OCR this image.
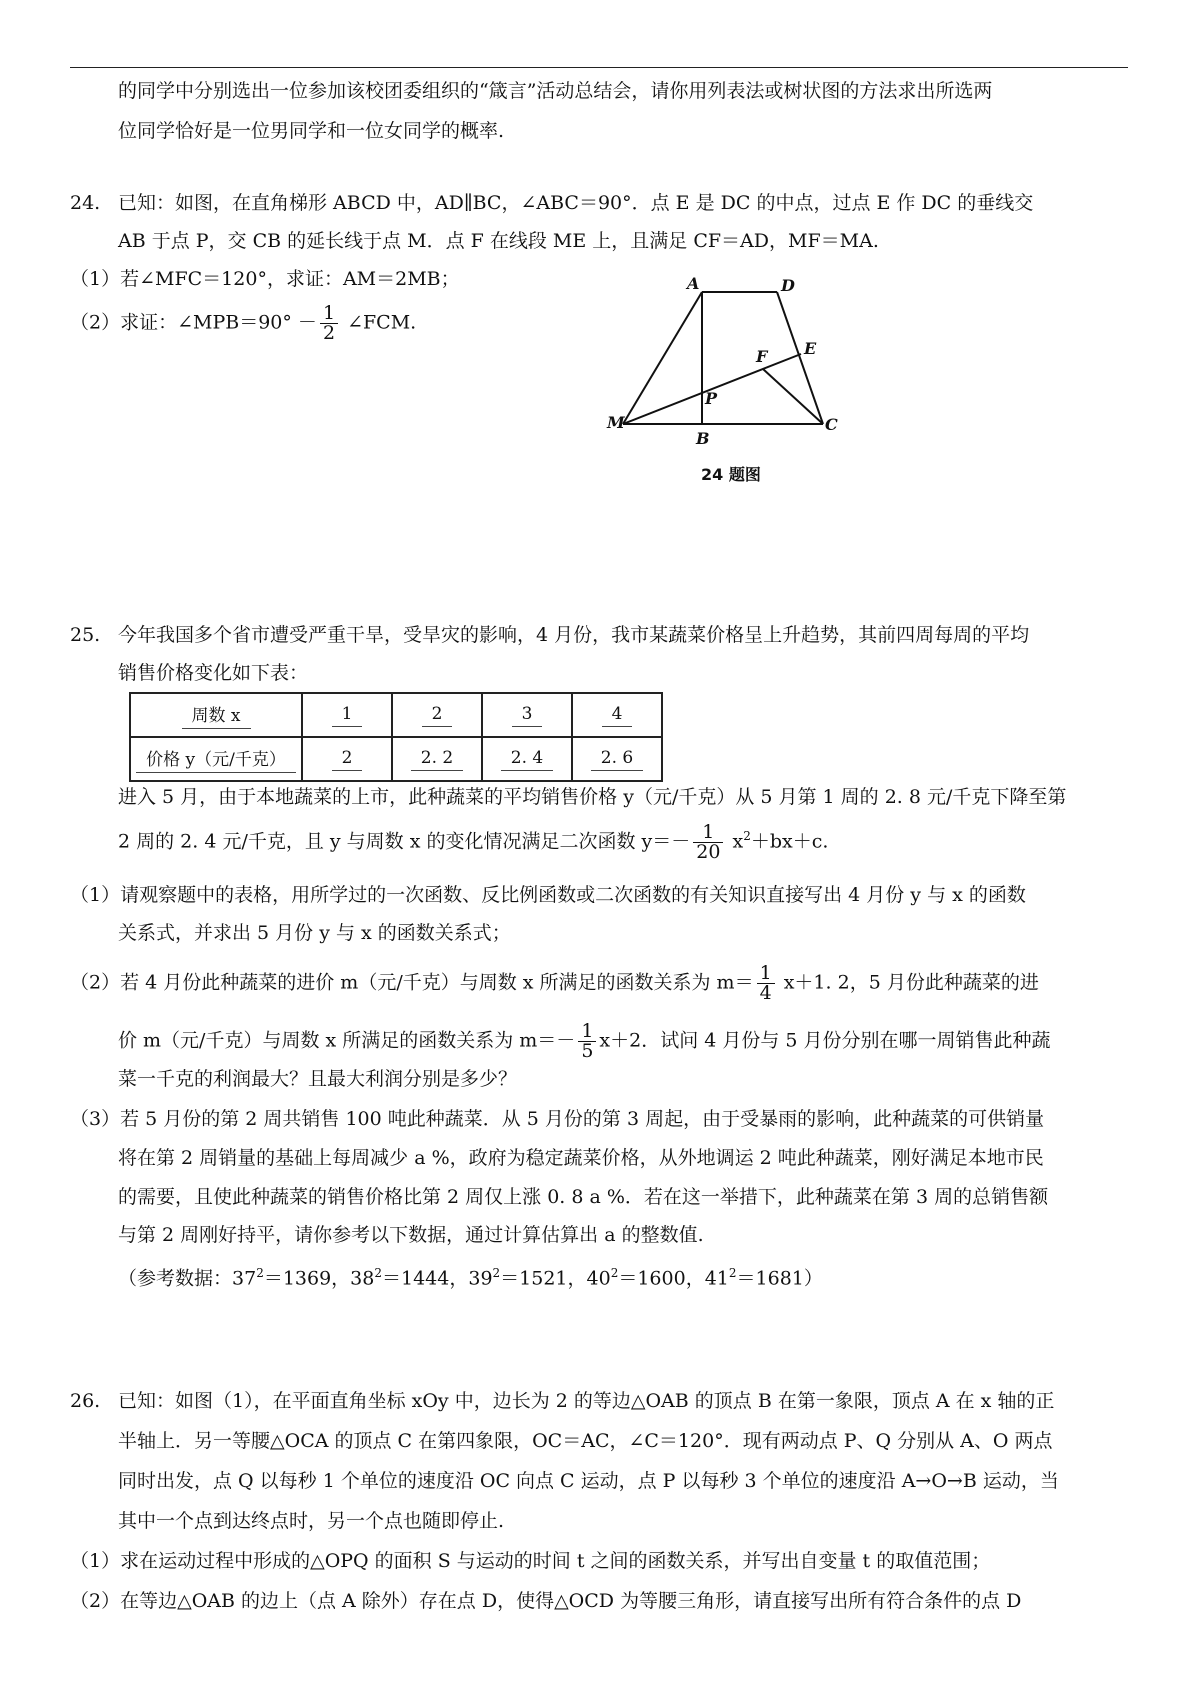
的同学中分别选出一位参加该校团委组织的“箴言”活动总结会，请你用列表法或树状图的方法求出所选两
位同学恰好是一位男同学和一位女同学的概率.
24. 已知：如图，在直角梯形 ABCD 中，AD∥BC，∠ABC＝90°．点 E 是 DC 的中点，过点 E 作 DC 的垂线交
AB 于点 P，交 CB 的延长线于点 M．点 F 在线段 ME 上，且满足 CF＝AD，MF＝MA.
（1）若∠MFC＝120°，求证：AM＝2MB；
（2）求证：∠MPB＝90° － $\frac{1}{2}$ ∠FCM.
A	D
E
F
P
M
B
C
24 题图
25. 今年我国多个省市遭受严重干旱，受旱灾的影响，4 月份，我市某蔬菜价格呈上升趋势，其前四周每周的平均
销售价格变化如下表：
周数 x	1	2	3	4
价格 y（元/千克）	2	2. 2	2. 4	2. 6
进入 5 月，由于本地蔬菜的上市，此种蔬菜的平均销售价格 y（元/千克）从 5 月第 1 周的 2. 8 元/千克下降至第
2 周的 2. 4 元/千克，且 y 与周数 x 的变化情况满足二次函数 $y=- \frac{1}{20} x^2+bx+c$.
（1）请观察题中的表格，用所学过的一次函数、反比例函数或二次函数的有关知识直接写出 4 月份 y 与 x 的函数
关系式，并求出 5 月份 y 与 x 的函数关系式；
（2）若 4 月份此种蔬菜的进价 m（元/千克）与周数 x 所满足的函数关系为 $m= \frac{1}{4} x+1$. 2，5 月份此种蔬菜的进
价 m（元/千克）与周数 x 所满足的函数关系为 $m=- \frac{1}{5} x+2$．试问 4 月份与 5 月份分别在哪一周销售此种蔬
菜一千克的利润最大？且最大利润分别是多少？
（3）若 5 月份的第 2 周共销售 100 吨此种蔬菜．从 5 月份的第 3 周起，由于受暴雨的影响，此种蔬菜的可供销量
将在第 2 周销量的基础上每周减少 a %，政府为稳定蔬菜价格，从外地调运 2 吨此种蔬菜，刚好满足本地市民
的需要，且使此种蔬菜的销售价格比第 2 周仅上涨 0. 8 a %．若在这一举措下，此种蔬菜在第 3 周的总销售额
与第 2 周刚好持平，请你参考以下数据，通过计算估算出 a 的整数值.
（参考数据：$37^2=1369$，$38^2=1444$，$39^2=1521$，$40^2=1600$，$41^2=1681$）
26. 已知：如图（1），在平面直角坐标 xOy 中，边长为 2 的等边△OAB 的顶点 B 在第一象限，顶点 A 在 x 轴的正
半轴上．另一等腰△OCA 的顶点 C 在第四象限，OC＝AC，∠C＝120°．现有两动点 P、Q 分别从 A、O 两点
同时出发，点 Q 以每秒 1 个单位的速度沿 OC 向点 C 运动，点 P 以每秒 3 个单位的速度沿 A→O→B 运动，当
其中一个点到达终点时，另一个点也随即停止.
（1）求在运动过程中形成的△OPQ 的面积 S 与运动的时间 t 之间的函数关系，并写出自变量 t 的取值范围；
（2）在等边△OAB 的边上（点 A 除外）存在点 D，使得△OCD 为等腰三角形，请直接写出所有符合条件的点 D
